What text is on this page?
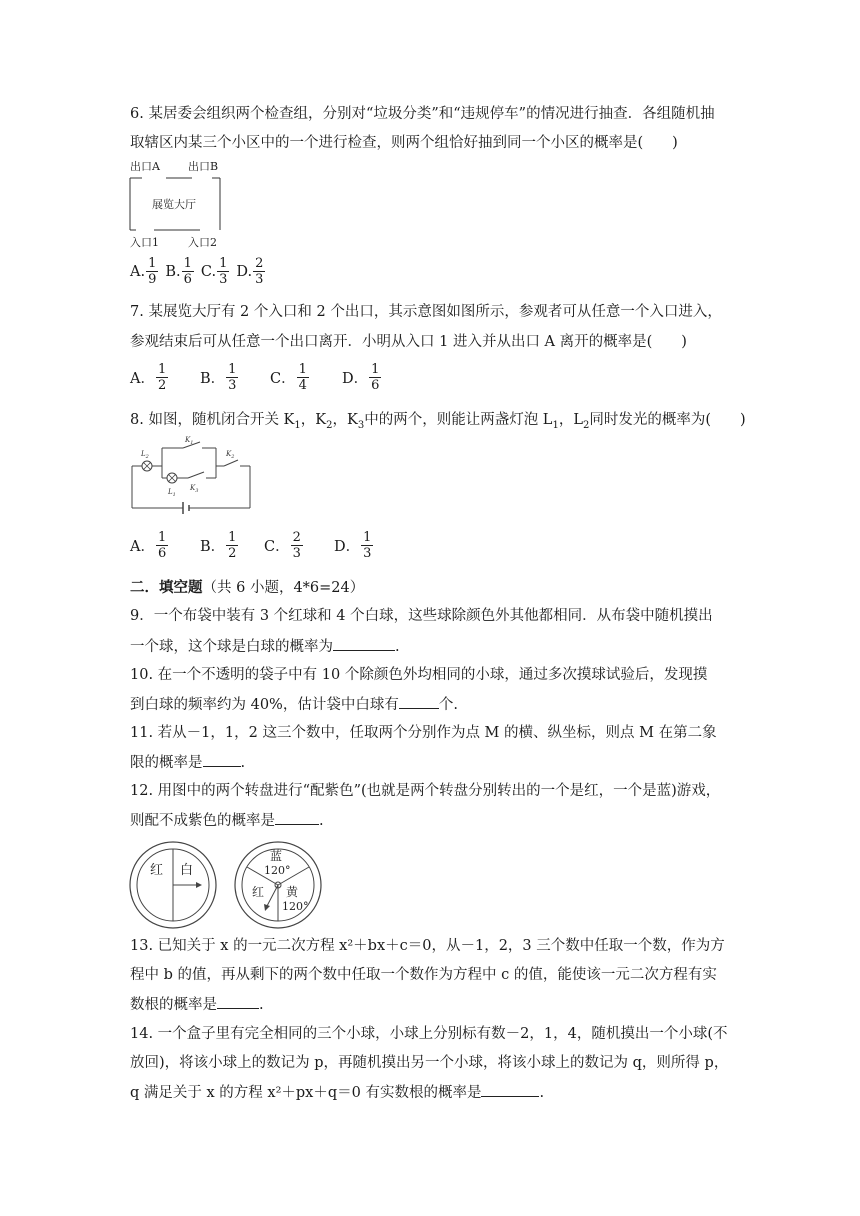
6. 某居委会组织两个检查组，分别对“垃圾分类”和“违规停车”的情况进行抽查．各组随机抽
取辖区内某三个小区中的一个进行检查，则两个组恰好抽到同一个小区的概率是(　　)
出口A	出口B
展览大厅
入口1	入口2
A. $\frac{1}{9} B$. $\frac{1}{6} C$. $\frac{1}{3} D$. $\frac{2}{3}$
7. 某展览大厅有 2 个入口和 2 个出口，其示意图如图所示，参观者可从任意一个入口进入，
参观结束后可从任意一个出口离开．小明从入口 1 进入并从出口 A 离开的概率是(　　)
A． $\frac{1}{2}$ B． $\frac{1}{3}$ C． $\frac{1}{4}$ D． $\frac{1}{6}$
8. 如图，随机闭合开关 $K_1$，$K_2$，$K_3$中的两个，则能让两盏灯泡 $L_1$，$L_2$同时发光的概率为(　　)
$L_2$
$K_1$
$L_1$
$K_3$
$K_2$
A． $\frac{1}{6}$ B． $\frac{1}{2}$ C． $\frac{2}{3}$ D． $\frac{1}{3}$
二．填空题（共 6 小题，4*6=24）
9．一个布袋中装有 3 个红球和 4 个白球，这些球除颜色外其他都相同．从布袋中随机摸出
一个球，这个球是白球的概率为	.
10. 在一个不透明的袋子中有 10 个除颜色外均相同的小球，通过多次摸球试验后，发现摸
到白球的频率约为 40%，估计袋中白球有	个.
11. 若从－1，1，2 这三个数中，任取两个分别作为点 M 的横、纵坐标，则点 M 在第二象
限的概率是	.
12. 用图中的两个转盘进行“配紫色”(也就是两个转盘分别转出的一个是红，一个是蓝)游戏，
则配不成紫色的概率是	.
红 白
蓝
120°
红 黄
120°
13. 已知关于 x 的一元二次方程 x²＋bx＋c＝0，从－1，2，3 三个数中任取一个数，作为方
程中 b 的值，再从剩下的两个数中任取一个数作为方程中 c 的值，能使该一元二次方程有实
数根的概率是	.
14. 一个盒子里有完全相同的三个小球，小球上分别标有数－2，1，4，随机摸出一个小球(不
放回)，将该小球上的数记为 p，再随机摸出另一个小球，将该小球上的数记为 q，则所得 p，
q 满足关于 x 的方程 x²＋px＋q＝0 有实数根的概率是	.
